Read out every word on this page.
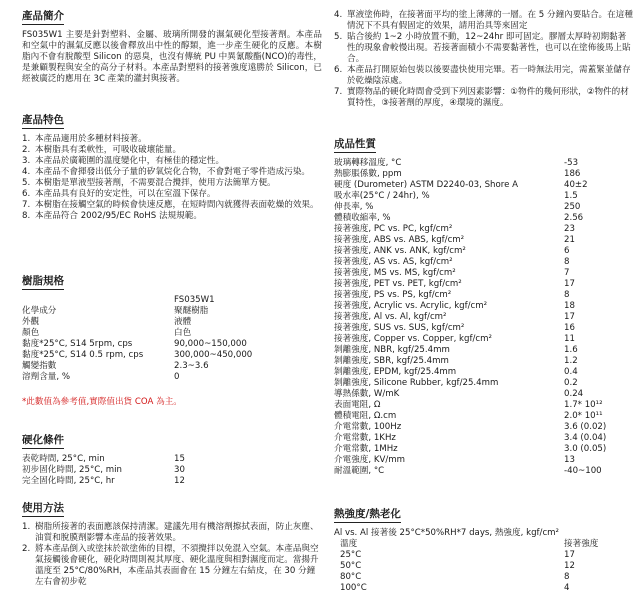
產品簡介

FS035W1 主要是針對塑料、金屬、玻璃所開發的濕氣硬化型接著劑。本產品和空氣中的濕氣反應以後會釋放出中性的醇類，進一步產生硬化的反應。本樹脂內不會有脫酸型 Silicon 的惡臭，也沒有傳統 PU 中異氰酸酯(NCO)的毒性，是兼顧製程與安全的高分子材料。本產品對塑料的接著強度遠勝於 Silicon，已經被廣泛的應用在 3C 產業的灌封與接著。

產品特色
1. 本產品適用於多種材料接著。
2. 本樹脂具有柔軟性，可吸收破壞能量。
3. 本產品於廣範圍的溫度變化中，有極佳的穩定性。
4. 本產品不會揮發出低分子量的矽氧烷化合物，不會對電子零件造成污染。
5. 本樹脂是單液型接著劑，不需要混合攪拌，使用方法簡單方便。
6. 本產品具有良好的安定性，可以在室溫下保存。
7. 本樹脂在接觸空氣的時候會快速反應，在短時間內就獲得表面乾燥的效果。
8. 本產品符合 2002/95/EC RoHS 法規規範。
樹脂規格
	FS035W1
化學成分	聚醚樹脂
外觀	液體
顏色	白色
黏度*25°C, S14 5rpm, cps	90,000~150,000
黏度*25°C, S14 0.5 rpm, cps	300,000~450,000
觸變指數	2.3~3.6
溶劑含量, %	0
*此數值為參考值,實際值出貨 COA 為主。
硬化條件
表乾時間, 25°C, min	15
初步固化時間, 25°C, min	30
完全固化時間, 25°C, hr	12
使用方法
1. 樹脂所接著的表面應該保持清潔。建議先用有機溶劑擦拭表面，防止灰塵、油質和脫膜劑影響本產品的接著效果。
2. 將本產品倒入或塗抹於欲塗佈的目標，不須攪拌以免混入空氣。本產品與空氣接觸後會硬化，硬化時間則視其厚度、硬化溫度與相對濕度而定。當揚升溫度至 25°C/80%RH，本產品其表面會在 15 分鐘左右結皮，在 30 分鐘左右會初步乾
4. 單液塗佈時，在接著面平均的塗上薄薄的一層。在 5 分鐘內要貼合。在這種情況下不具有假固定的效果，請用治具等來固定
5. 貼合後約 1~2 小時放置不動，12~24hr 即可固定。膠層太厚時初期黏著性的現象會較慢出現。若接著面積小不需要黏著性，也可以在塗佈後馬上貼合。
6. 本產品打開原始包裝以後要盡快使用完畢。若一時無法用完，需蓋緊並儲存於乾燥陰涼處。
7. 實際物品的硬化時間會受到下列因素影響：①物件的幾何形狀，②物件的材質特性，③接著劑的厚度，④環境的濕度。
成品性質
玻璃轉移溫度, °C	-53
熱膨脹係數, ppm	186
硬度 (Durometer) ASTM D2240-03, Shore A	40±2
吸水率(25°C / 24hr), %	1.5
伸長率, %	250
體積收縮率, %	2.56
接著強度, PC vs. PC, kgf/cm²	23
接著強度, ABS vs. ABS, kgf/cm²	21
接著強度, ANK vs. ANK, kgf/cm²	6
接著強度, AS vs. AS, kgf/cm²	8
接著強度, MS vs. MS, kgf/cm²	7
接著強度, PET vs. PET, kgf/cm²	17
接著強度, PS vs. PS, kgf/cm²	8
接著強度, Acrylic vs. Acrylic, kgf/cm²	18
接著強度, Al vs. Al, kgf/cm²	17
接著強度, SUS vs. SUS, kgf/cm²	16
接著強度, Copper vs. Copper, kgf/cm²	11
剝離強度, NBR, kgf/25.4mm	1.6
剝離強度, SBR, kgf/25.4mm	1.2
剝離強度, EPDM, kgf/25.4mm	0.4
剝離強度, Silicone Rubber, kgf/25.4mm	0.2
導熱係數, W/mK	0.24
表面電阻, Ω	1.7* 10¹²
體積電阻, Ω.cm	2.0* 10¹¹
介電常數, 100Hz	3.6 (0.02)
介電常數, 1KHz	3.4 (0.04)
介電常數, 1MHz	3.0 (0.05)
介電強度, KV/mm	13
耐溫範圍, °C	-40~100
熱強度/熱老化
Al vs. Al 接著後 25°C*50%RH*7 days, 熱強度, kgf/cm²
溫度	接著強度
25°C	17
50°C	12
80°C	8
100°C	4
